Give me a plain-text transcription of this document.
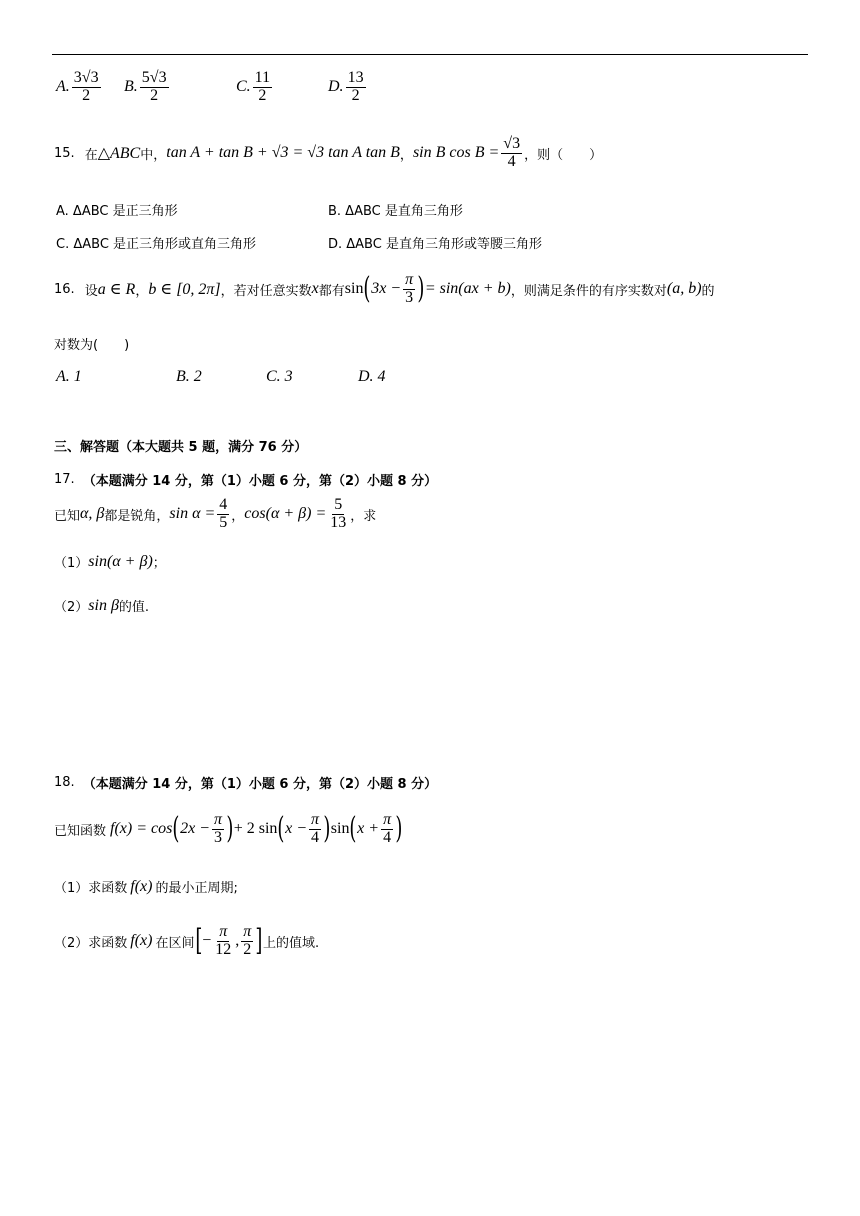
A. $\frac{3√3}{2} B$. $\frac{5√3}{2}$	C. $\frac{11}{2}$	D. $\frac{13}{2}$
15. 在 △ABC 中， tan A + tan B + √3 = √3 tan A tan B ， sin B $\cos B = \frac{√3}{4}$ ，则（　　）
A. ΔABC 是正三角形	B. ΔABC 是直角三角形
C. ΔABC 是正三角形或直角三角形	D. ΔABC 是直角三角形或等腰三角形
16. 设 a ∈ R ， b ∈ [0, 2π] ，若对任意实数 x 都有 sin ( $3x - \frac{\pi}{3}$ ) = sin(ax + b) ，则满足条件的有序实数对 (a, b) 的
对数为(　　)
A. 1	B. 2	C. 3	D. 4
三、解答题（本大题共 5 题，满分 76 分）
17. （本题满分 14 分，第（1）小题 6 分，第（2）小题 8 分）
已知 α, β 都是锐角， $\sin \alpha = \frac{4}{5}$ ， $\cos(\alpha + \beta) = \frac{5}{13}$ ，求
（1） sin(α + β) ；
（2） sin β 的值.
18. （本题满分 14 分，第（1）小题 6 分，第（2）小题 8 分）
已知函数 f(x) = cos ( $2x - \frac{\pi}{3}$ ) + 2 sin ( $x - \frac{\pi}{4}$ ) sin ( $x + \frac{\pi}{4}$ )
（1）求函数 f(x) 的最小正周期;
（2）求函数 f(x) 在区间 [ − $\frac{\pi}{12}$ , $\frac{\pi}{2}$ ] 上的值域.
